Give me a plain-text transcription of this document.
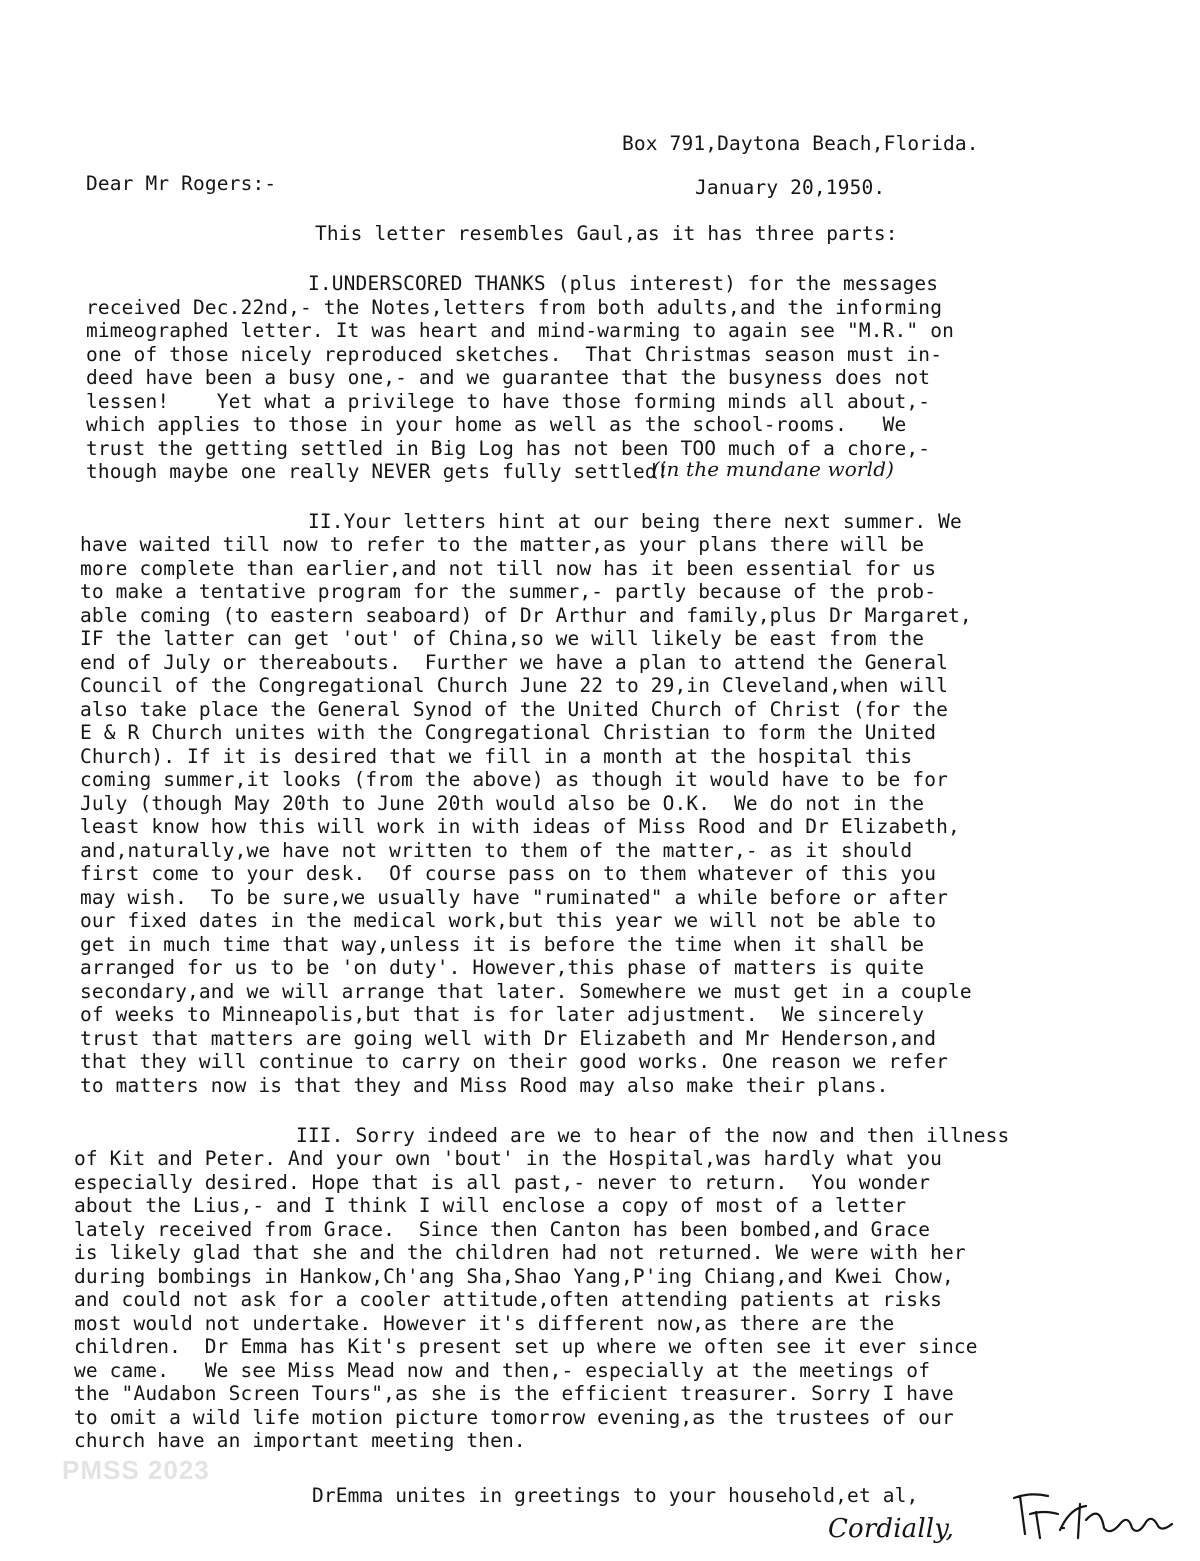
Box 791,Daytona Beach,Florida.
Dear Mr Rogers:-	January 20,1950.
This letter resembles Gaul,as it has three parts:
I.UNDERSCORED THANKS (plus interest) for the messages
received Dec.22nd,- the Notes,letters from both adults,and the informing
mimeographed letter. It was heart and mind-warming to again see "M.R." on
one of those nicely reproduced sketches.  That Christmas season must in-
deed have been a busy one,- and we guarantee that the busyness does not
lessen!    Yet what a privilege to have those forming minds all about,-
which applies to those in your home as well as the school-rooms.   We
trust the getting settled in Big Log has not been TOO much of a chore,-
though maybe one really NEVER gets fully settled!
(in the mundane world)
II.Your letters hint at our being there next summer. We
have waited till now to refer to the matter,as your plans there will be
more complete than earlier,and not till now has it been essential for us
to make a tentative program for the summer,- partly because of the prob-
able coming (to eastern seaboard) of Dr Arthur and family,plus Dr Margaret,
IF the latter can get 'out' of China,so we will likely be east from the
end of July or thereabouts.  Further we have a plan to attend the General
Council of the Congregational Church June 22 to 29,in Cleveland,when will
also take place the General Synod of the United Church of Christ (for the
E & R Church unites with the Congregational Christian to form the United
Church). If it is desired that we fill in a month at the hospital this
coming summer,it looks (from the above) as though it would have to be for
July (though May 20th to June 20th would also be O.K.  We do not in the
least know how this will work in with ideas of Miss Rood and Dr Elizabeth,
and,naturally,we have not written to them of the matter,- as it should
first come to your desk.  Of course pass on to them whatever of this you
may wish.  To be sure,we usually have "ruminated" a while before or after
our fixed dates in the medical work,but this year we will not be able to
get in much time that way,unless it is before the time when it shall be
arranged for us to be 'on duty'. However,this phase of matters is quite
secondary,and we will arrange that later. Somewhere we must get in a couple
of weeks to Minneapolis,but that is for later adjustment.  We sincerely
trust that matters are going well with Dr Elizabeth and Mr Henderson,and
that they will continue to carry on their good works. One reason we refer
to matters now is that they and Miss Rood may also make their plans.
III. Sorry indeed are we to hear of the now and then illness
of Kit and Peter. And your own 'bout' in the Hospital,was hardly what you
especially desired. Hope that is all past,- never to return.  You wonder
about the Lius,- and I think I will enclose a copy of most of a letter
lately received from Grace.  Since then Canton has been bombed,and Grace
is likely glad that she and the children had not returned. We were with her
during bombings in Hankow,Ch'ang Sha,Shao Yang,P'ing Chiang,and Kwei Chow,
and could not ask for a cooler attitude,often attending patients at risks
most would not undertake. However it's different now,as there are the
children.  Dr Emma has Kit's present set up where we often see it ever since
we came.   We see Miss Mead now and then,- especially at the meetings of
the "Audabon Screen Tours",as she is the efficient treasurer. Sorry I have
to omit a wild life motion picture tomorrow evening,as the trustees of our
church have an important meeting then.
DrEmma unites in greetings to your household,et al,
Cordially,
PMSS 2023
